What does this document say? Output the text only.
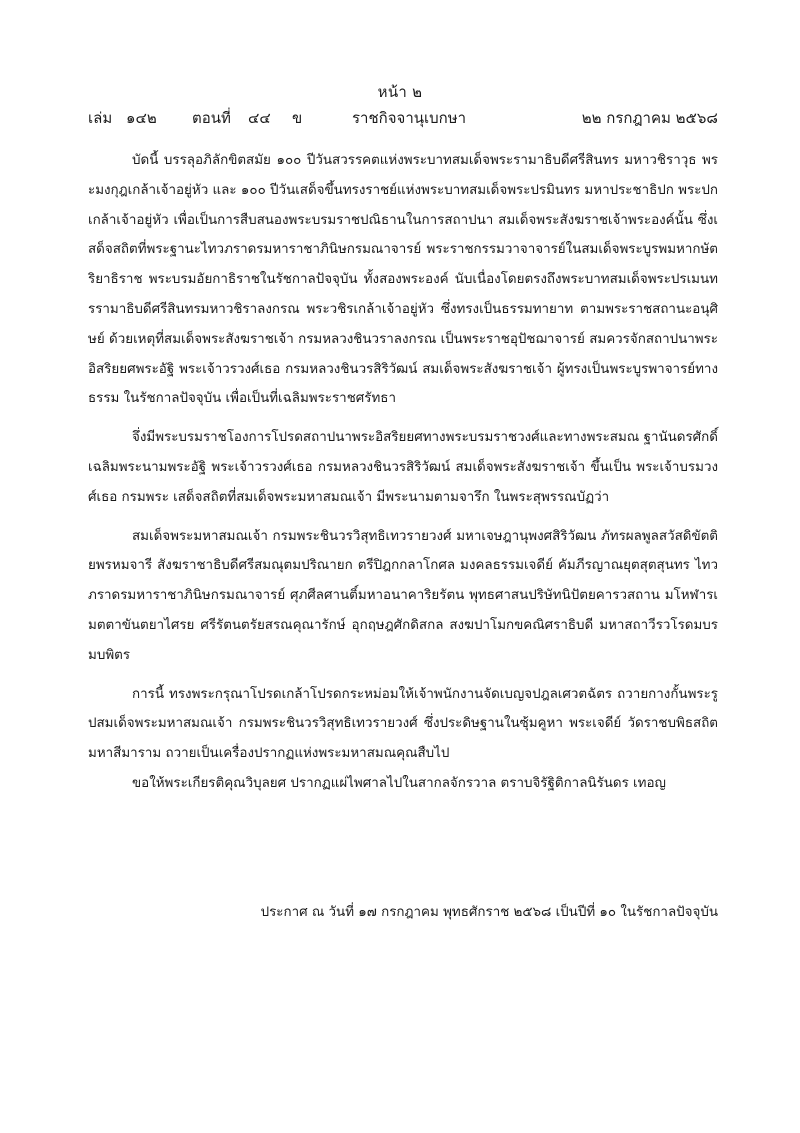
หน้า ๒
เล่ม ๑๔๒ ตอนที่ ๔๔ ข	ราชกิจจานุเบกษา	๒๒ กรกฎาคม ๒๕๖๘

บัดนี้ บรรลุอภิลักขิตสมัย ๑๐๐ ปีวันสวรรคตแห่งพระบาทสมเด็จพระรามาธิบดีศรีสินทร มหาวชิราวุธ พระมงกุฎเกล้าเจ้าอยู่หัว และ ๑๐๐ ปีวันเสด็จขึ้นทรงราชย์แห่งพระบาทสมเด็จพระปรมินทร มหาประชาธิปก พระปกเกล้าเจ้าอยู่หัว เพื่อเป็นการสืบสนองพระบรมราชปณิธานในการสถาปนา สมเด็จพระสังฆราชเจ้าพระองค์นั้น ซึ่งเสด็จสถิตที่พระฐานะไทวภราดรมหาราชาภินิษกรมณาจารย์ พระราชกรรมวาจาจารย์ในสมเด็จพระบูรพมหากษัตริยาธิราช พระบรมอัยกาธิราชในรัชกาลปัจจุบัน ทั้งสองพระองค์ นับเนื่องโดยตรงถึงพระบาทสมเด็จพระปรเมนทรรามาธิบดีศรีสินทรมหาวชิราลงกรณ พระวชิรเกล้าเจ้าอยู่หัว ซึ่งทรงเป็นธรรมทายาท ตามพระราชสถานะอนุศิษย์ ด้วยเหตุที่สมเด็จพระสังฆราชเจ้า กรมหลวงชินวราลงกรณ เป็นพระราชอุปัชฌาจารย์ สมควรจักสถาปนาพระอิสริยยศพระอัฐิ พระเจ้าวรวงศ์เธอ กรมหลวงชินวรสิริวัฒน์ สมเด็จพระสังฆราชเจ้า ผู้ทรงเป็นพระบูรพาจารย์ทางธรรม ในรัชกาลปัจจุบัน เพื่อเป็นที่เฉลิมพระราชศรัทธา

จึ่งมีพระบรมราชโองการโปรดสถาปนาพระอิสริยยศทางพระบรมราชวงศ์และทางพระสมณ ฐานันดรศักดิ์ เฉลิมพระนามพระอัฐิ พระเจ้าวรวงศ์เธอ กรมหลวงชินวรสิริวัฒน์ สมเด็จพระสังฆราชเจ้า ขึ้นเป็น พระเจ้าบรมวงศ์เธอ กรมพระ เสด็จสถิตที่สมเด็จพระมหาสมณเจ้า มีพระนามตามจารึก ในพระสุพรรณบัฏว่า

สมเด็จพระมหาสมณเจ้า กรมพระชินวรวิสุทธิเทวรายวงศ์ มหาเจษฎานุพงศสิริวัฒน ภัทรผลพูลสวัสดิขัตติยพรหมจารี สังฆราชาธิบดีศรีสมณุตมปริณายก ตรีปิฎกกลาโกศล มงคลธรรมเจดีย์ คัมภีรญาณยุตสุตสุนทร ไทวภราดรมหาราชาภินิษกรมณาจารย์ ศุภศีลศานติ์มหาอนาคาริยรัตน พุทธศาสนปริษัทนิปัตยคารวสถาน มโหฬารเมตตาขันตยาไศรย ศรีรัตนตรัยสรณคุณารักษ์ อุกฤษฎศักดิสกล สงฆปาโมกขคณิศราธิบดี มหาสถาวีรวโรดมบรมบพิตร

การนี้ ทรงพระกรุณาโปรดเกล้าโปรดกระหม่อมให้เจ้าพนักงานจัดเบญจปฎลเศวตฉัตร ถวายกางกั้นพระรูปสมเด็จพระมหาสมณเจ้า กรมพระชินวรวิสุทธิเทวรายวงศ์ ซึ่งประดิษฐานในซุ้มคูหา พระเจดีย์ วัดราชบพิธสถิตมหาสีมาราม ถวายเป็นเครื่องปรากฏแห่งพระมหาสมณคุณสืบไป

ขอให้พระเกียรติคุณวิบุลยศ ปรากฏแผ่ไพศาลไปในสากลจักรวาล ตราบจิรัฐิติกาลนิรันดร เทอญ

ประกาศ ณ วันที่ ๑๗ กรกฎาคม พุทธศักราช ๒๕๖๘ เป็นปีที่ ๑๐ ในรัชกาลปัจจุบัน
